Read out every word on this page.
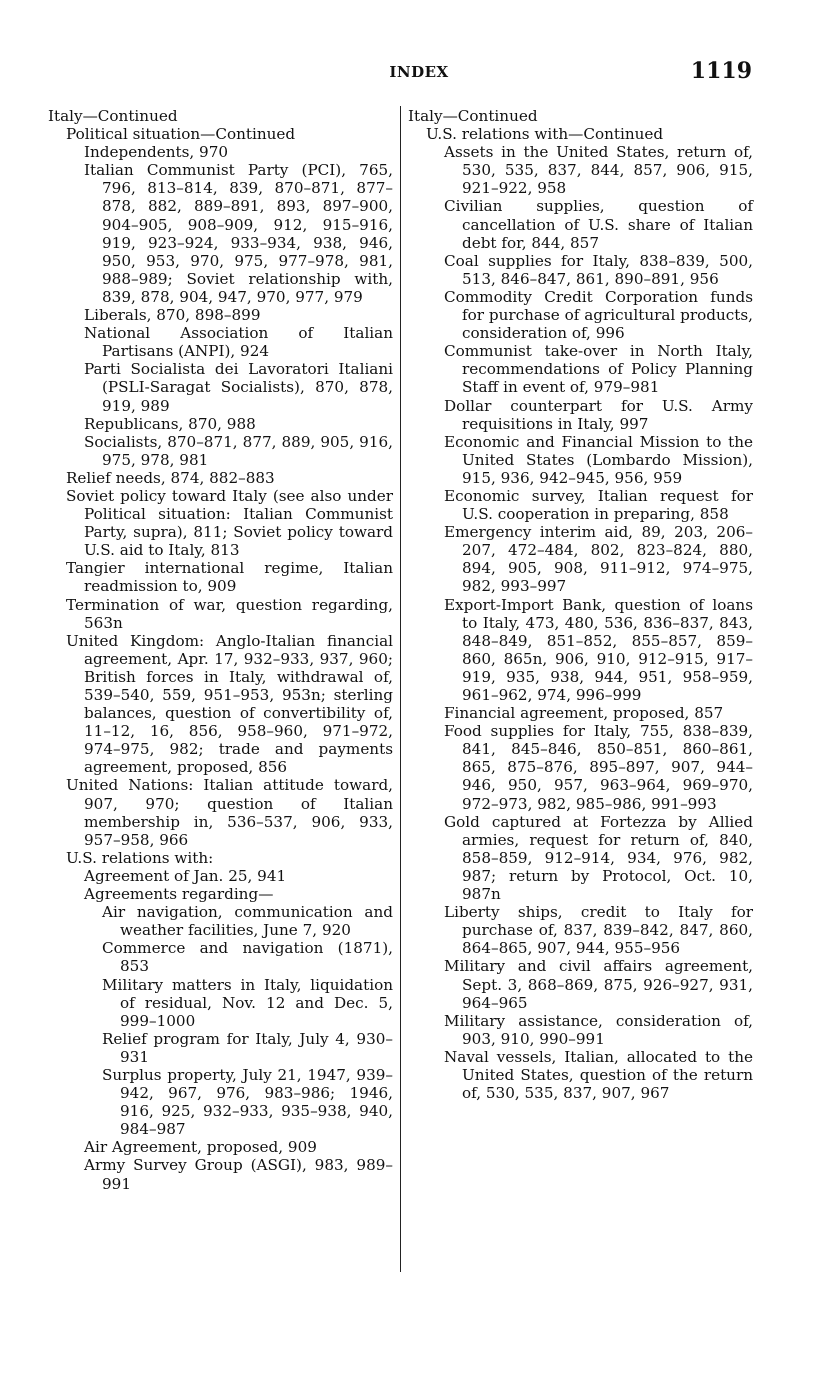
INDEX	1119

Italy—Continued

Political situation—Continued

Independents, 970

Italian Communist Party (PCI), 765, 796, 813–814, 839, 870–871, 877–878, 882, 889–891, 893, 897–900, 904–905, 908–909, 912, 915–916, 919, 923–924, 933–934, 938, 946, 950, 953, 970, 975, 977–978, 981, 988–989; Soviet relationship with, 839, 878, 904, 947, 970, 977, 979

Liberals, 870, 898–899

National Association of Italian Partisans (ANPI), 924

Parti Socialista dei Lavoratori Italiani (PSLI-Saragat Socialists), 870, 878, 919, 989

Republicans, 870, 988

Socialists, 870–871, 877, 889, 905, 916, 975, 978, 981

Relief needs, 874, 882–883

Soviet policy toward Italy (see also under Political situation: Italian Communist Party, supra), 811; Soviet policy toward U.S. aid to Italy, 813

Tangier international regime, Italian readmission to, 909

Termination of war, question regarding, 563n

United Kingdom: Anglo-Italian financial agreement, Apr. 17, 932–933, 937, 960; British forces in Italy, withdrawal of, 539–540, 559, 951–953, 953n; sterling balances, question of convertibility of, 11–12, 16, 856, 958–960, 971–972, 974–975, 982; trade and payments agreement, proposed, 856

United Nations: Italian attitude toward, 907, 970; question of Italian membership in, 536–537, 906, 933, 957–958, 966

U.S. relations with:

Agreement of Jan. 25, 941

Agreements regarding—

Air navigation, communication and weather facilities, June 7, 920

Commerce and navigation (1871), 853

Military matters in Italy, liquidation of residual, Nov. 12 and Dec. 5, 999–1000

Relief program for Italy, July 4, 930–931

Surplus property, July 21, 1947, 939–942, 967, 976, 983–986; 1946, 916, 925, 932–933, 935–938, 940, 984–987

Air Agreement, proposed, 909

Army Survey Group (ASGI), 983, 989–991

Italy—Continued

U.S. relations with—Continued

Assets in the United States, return of, 530, 535, 837, 844, 857, 906, 915, 921–922, 958

Civilian supplies, question of cancellation of U.S. share of Italian debt for, 844, 857

Coal supplies for Italy, 838–839, 500, 513, 846–847, 861, 890–891, 956

Commodity Credit Corporation funds for purchase of agricultural products, consideration of, 996

Communist take-over in North Italy, recommendations of Policy Planning Staff in event of, 979–981

Dollar counterpart for U.S. Army requisitions in Italy, 997

Economic and Financial Mission to the United States (Lombardo Mission), 915, 936, 942–945, 956, 959

Economic survey, Italian request for U.S. cooperation in preparing, 858

Emergency interim aid, 89, 203, 206–207, 472–484, 802, 823–824, 880, 894, 905, 908, 911–912, 974–975, 982, 993–997

Export-Import Bank, question of loans to Italy, 473, 480, 536, 836–837, 843, 848–849, 851–852, 855–857, 859–860, 865n, 906, 910, 912–915, 917–919, 935, 938, 944, 951, 958–959, 961–962, 974, 996–999

Financial agreement, proposed, 857

Food supplies for Italy, 755, 838–839, 841, 845–846, 850–851, 860–861, 865, 875–876, 895–897, 907, 944–946, 950, 957, 963–964, 969–970, 972–973, 982, 985–986, 991–993

Gold captured at Fortezza by Allied armies, request for return of, 840, 858–859, 912–914, 934, 976, 982, 987; return by Protocol, Oct. 10, 987n

Liberty ships, credit to Italy for purchase of, 837, 839–842, 847, 860, 864–865, 907, 944, 955–956

Military and civil affairs agreement, Sept. 3, 868–869, 875, 926–927, 931, 964–965

Military assistance, consideration of, 903, 910, 990–991

Naval vessels, Italian, allocated to the United States, question of the return of, 530, 535, 837, 907, 967
